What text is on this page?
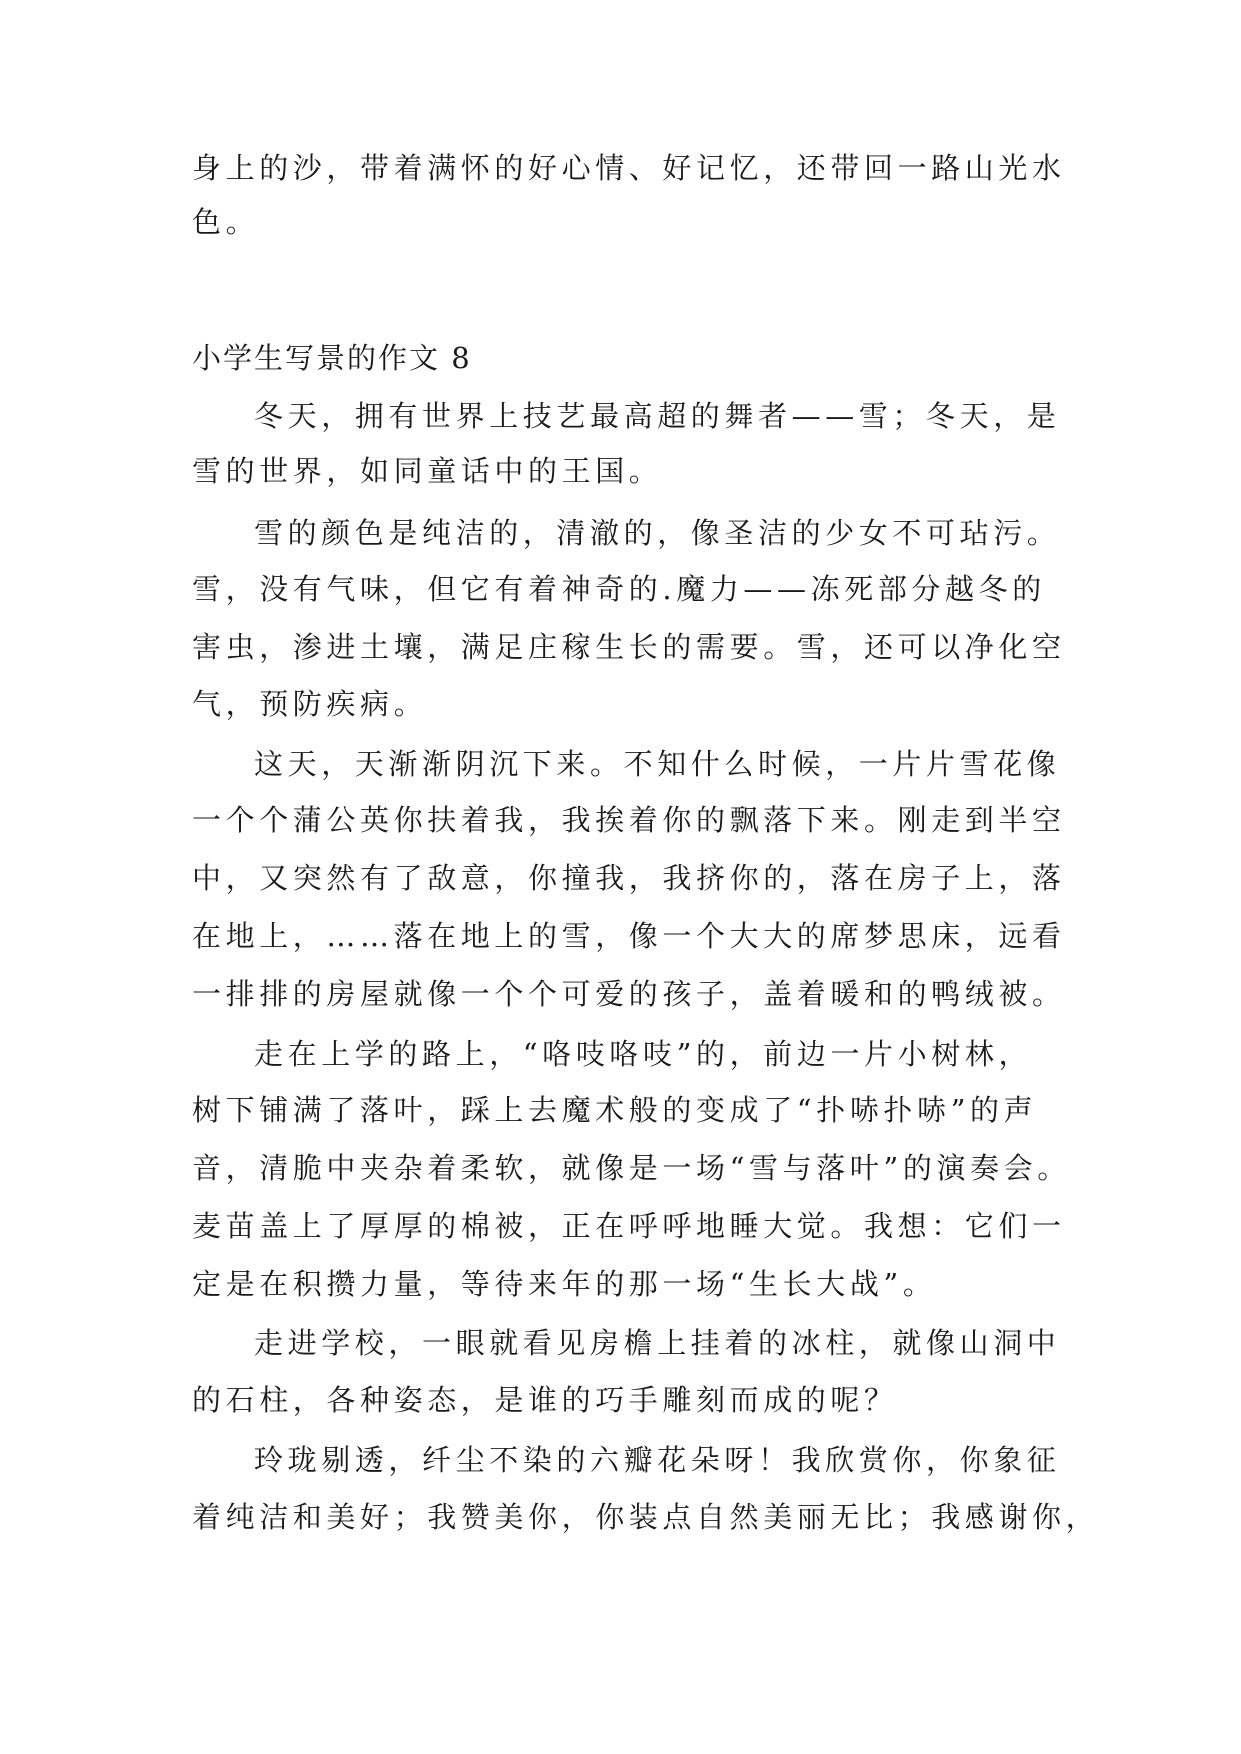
身上的沙，带着满怀的好心情、好记忆，还带回一路山光水
色。
小学生写景的作文 8
冬天，拥有世界上技艺最高超的舞者——雪；冬天，是
雪的世界，如同童话中的王国。
雪的颜色是纯洁的，清澈的，像圣洁的少女不可玷污。
雪，没有气味，但它有着神奇的.魔力——冻死部分越冬的
害虫，渗进土壤，满足庄稼生长的需要。雪，还可以净化空
气，预防疾病。
这天，天渐渐阴沉下来。不知什么时候，一片片雪花像
一个个蒲公英你扶着我，我挨着你的飘落下来。刚走到半空
中，又突然有了敌意，你撞我，我挤你的，落在房子上，落
在地上，……落在地上的雪，像一个大大的席梦思床，远看
一排排的房屋就像一个个可爱的孩子，盖着暖和的鸭绒被。
走在上学的路上，“咯吱咯吱”的，前边一片小树林，
树下铺满了落叶，踩上去魔术般的变成了“扑哧扑哧”的声
音，清脆中夹杂着柔软，就像是一场“雪与落叶”的演奏会。
麦苗盖上了厚厚的棉被，正在呼呼地睡大觉。我想：它们一
定是在积攒力量，等待来年的那一场“生长大战”。
走进学校，一眼就看见房檐上挂着的冰柱，就像山洞中
的石柱，各种姿态，是谁的巧手雕刻而成的呢？
玲珑剔透，纤尘不染的六瓣花朵呀！我欣赏你，你象征
着纯洁和美好；我赞美你，你装点自然美丽无比；我感谢你，
